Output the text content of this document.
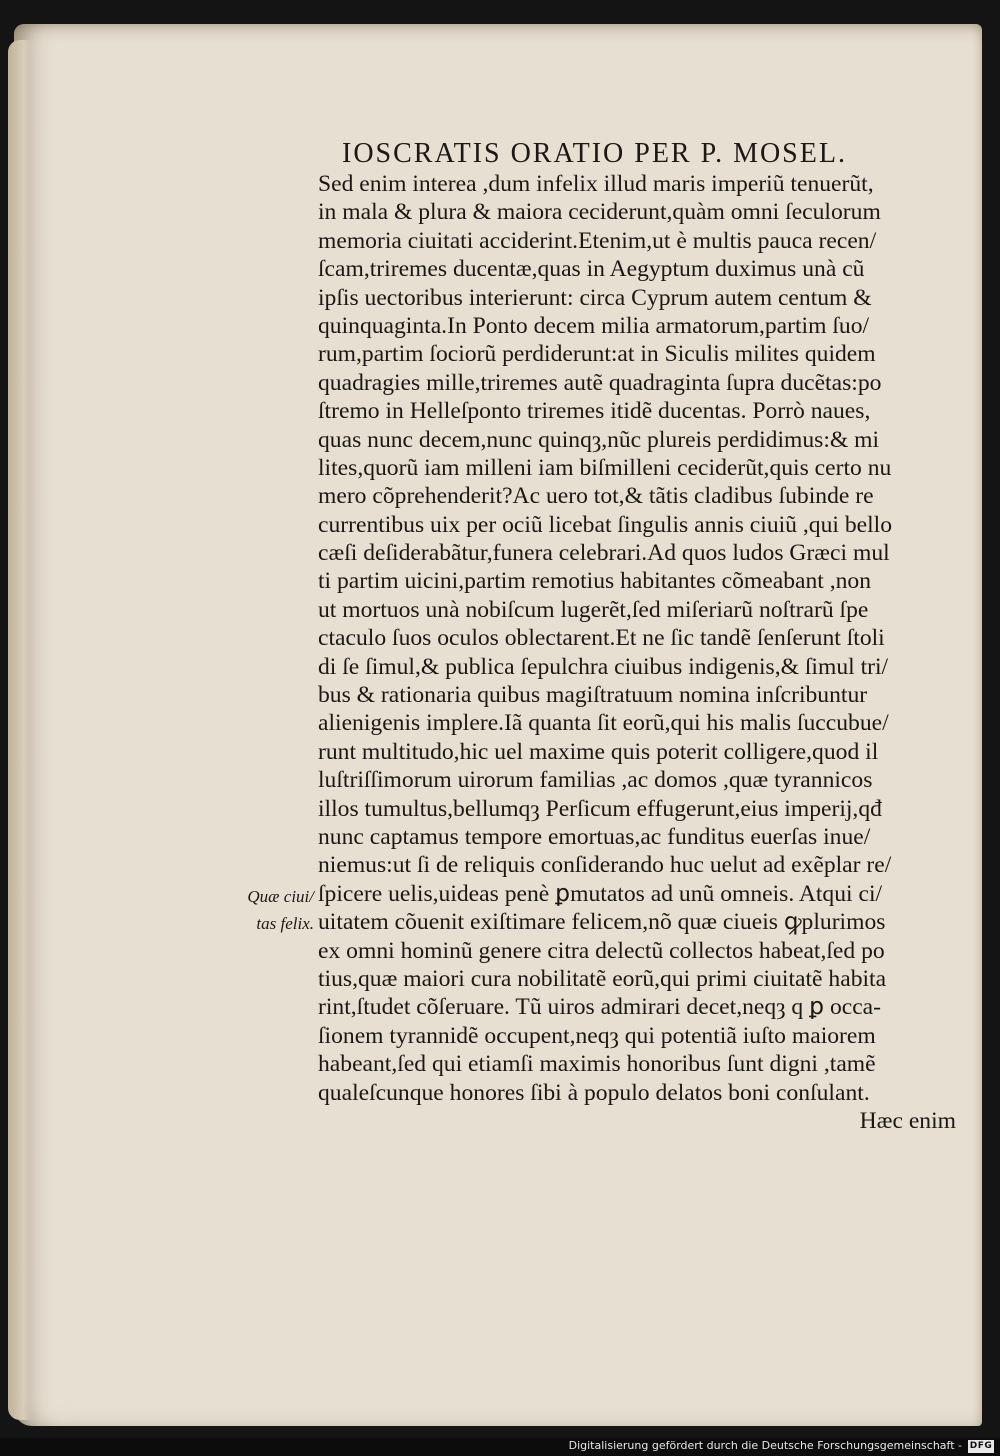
IOSCRATIS ORATIO PER P. MOSEL.
Sed enim interea ,dum infelix illud maris imperiũ tenuerũt,
in mala & plura & maiora ceciderunt,quàm omni ſeculorum
memoria ciuitati acciderint.Etenim,ut è multis pauca recen/
ſcam,triremes ducentæ,quas in Aegyptum duximus unà cũ
ipſis uectoribus interierunt: circa Cyprum autem centum &
quinquaginta.In Ponto decem milia armatorum,partim ſuo/
rum,partim ſociorũ perdiderunt:at in Siculis milites quidem
quadragies mille,triremes autẽ quadraginta ſupra ducẽtas:po
ſtremo in Helleſponto triremes itidẽ ducentas. Porrò naues,
quas nunc decem,nunc quinqȝ,nũc plureis perdidimus:& mi
lites,quorũ iam milleni iam biſmilleni ceciderũt,quis certo nu
mero cõprehenderit?Ac uero tot,& tãtis cladibus ſubinde re
currentibus uix per ociũ licebat ſingulis annis ciuiũ ,qui bello
cæſi deſiderabãtur,funera celebrari.Ad quos ludos Græci mul
ti partim uicini,partim remotius habitantes cõmeabant ,non
ut mortuos unà nobiſcum lugerẽt,ſed miſeriarũ noſtrarũ ſpe
ctaculo ſuos oculos oblectarent.Et ne ſic tandẽ ſenſerunt ſtoli
di ſe ſimul,& publica ſepulchra ciuibus indigenis,& ſimul tri/
bus & rationaria quibus magiſtratuum nomina inſcribuntur
alienigenis implere.Iã quanta ſit eorũ,qui his malis ſuccubue/
runt multitudo,hic uel maxime quis poterit colligere,quod il
luſtriſſimorum uirorum familias ,ac domos ,quæ tyrannicos
illos tumultus,bellumqȝ Perſicum effugerunt,eius imperij,qđ
nunc captamus tempore emortuas,ac funditus euerſas inue/
niemus:ut ſi de reliquis conſiderando huc uelut ad exẽplar re/
ſpicere uelis,uideas penè ꝑmutatos ad unũ omneis. Atqui ci/
uitatem cõuenit exiſtimare felicem,nõ quæ ciueis ꝙplurimos
ex omni hominũ genere citra delectũ collectos habeat,ſed po
tius,quæ maiori cura nobilitatẽ eorũ,qui primi ciuitatẽ habita
rint,ſtudet cõſeruare. Tũ uiros admirari decet,neqȝ q ꝑ occa-
ſionem tyrannidẽ occupent,neqȝ qui potentiã iuſto maiorem
habeant,ſed qui etiamſi maximis honoribus ſunt digni ,tamẽ
qualeſcunque honores ſibi à populo delatos boni conſulant.
Hæc enim
Quæ ciui/
tas felix.
Digitalisierung gefördert durch die Deutsche Forschungsgemeinschaft - DFG
